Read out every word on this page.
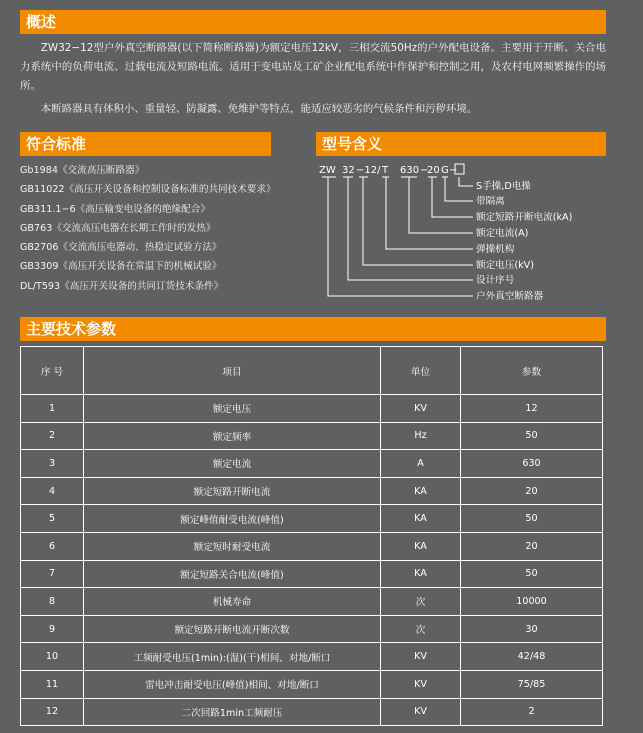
概述

ZW32−12型户外真空断路器(以下简称断路器)为额定电压12kV，三相交流50Hz的户外配电设备。主要用于开断、关合电力系统中的负荷电流、过载电流及短路电流。适用于变电站及工矿企业配电系统中作保护和控制之用，及农村电网频繁操作的场所。

本断路器具有体积小、重量轻、防凝露、免维护等特点，能适应较恶劣的气候条件和污秽环境。

符合标准
Gb1984《交流高压断路器》
GB11022《高压开关设备和控制设备标准的共同技术要求》
GB311.1−6《高压输变电设备的绝缘配合》
GB763《交流高压电器在长期工作时的发热》
GB2706《交流高压电器动、热稳定试验方法》
GB3309《高压开关设备在常温下的机械试验》
DL/T593《高压开关设备的共同订货技术条件》
型号含义
ZW 32 −12/ T 630 −
20 G −
S手操,D电操
带隔离
额定短路开断电流(kA)
额定电流(A)
弹操机构
额定电压(kV)
设计序号
户外真空断路器
主要技术参数
序 号	项目	单位	参数
1	额定电压	KV	12
2	额定频率	Hz	50
3	额定电流	A	630
4	额定短路开断电流	KA	20
5	额定峰值耐受电流(峰值)	KA	50
6	额定短时耐受电流	KA	20
7	额定短路关合电流(峰值)	KA	50
8	机械寿命	次	10000
9	额定短路开断电流开断次数	次	30
10	工频耐受电压(1min):(湿)(干)相间、对地/断口	KV	42/48
11	雷电冲击耐受电压(峰值)相间、对地/断口	KV	75/85
12	二次回路1min工频耐压	KV	2
